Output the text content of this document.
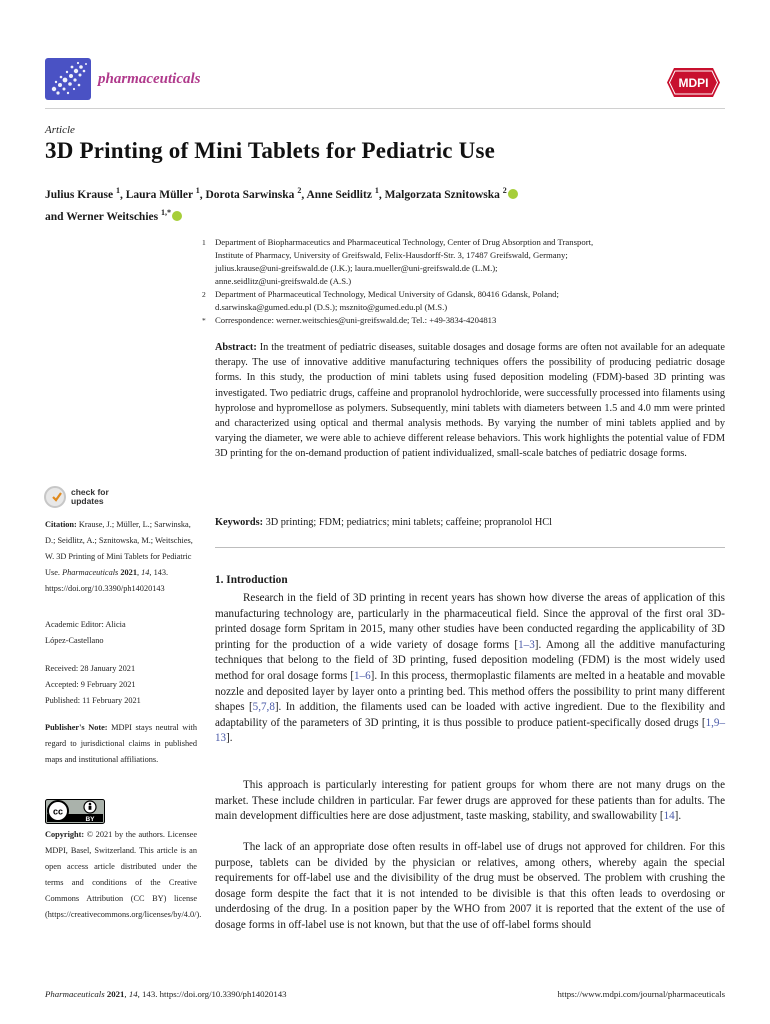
pharmaceuticals	MDPI
Article
3D Printing of Mini Tablets for Pediatric Use
Julius Krause $^1$, Laura Müller $^1$, Dorota Sarwinska $^2$, Anne Seidlitz $^1$, Malgorzata Sznitowska $^2$
and Werner Weitschies $^{1,*}$
1 Department of Biopharmaceutics and Pharmaceutical Technology, Center of Drug Absorption and Transport,
Institute of Pharmacy, University of Greifswald, Felix-Hausdorff-Str. 3, 17487 Greifswald, Germany;
julius.krause@uni-greifswald.de (J.K.); laura.mueller@uni-greifswald.de (L.M.);
anne.seidlitz@uni-greifswald.de (A.S.)
2 Department of Pharmaceutical Technology, Medical University of Gdansk, 80416 Gdansk, Poland;
d.sarwinska@gumed.edu.pl (D.S.); msznito@gumed.edu.pl (M.S.)
* Correspondence: werner.weitschies@uni-greifswald.de; Tel.: +49-3834-4204813
Abstract: In the treatment of pediatric diseases, suitable dosages and dosage forms are often not available for an adequate therapy. The use of innovative additive manufacturing techniques offers the possibility of producing pediatric dosage forms. In this study, the production of mini tablets using fused deposition modeling (FDM)-based 3D printing was investigated. Two pediatric drugs, caffeine and propranolol hydrochloride, were successfully processed into filaments using hyprolose and hypromellose as polymers. Subsequently, mini tablets with diameters between 1.5 and 4.0 mm were printed and characterized using optical and thermal analysis methods. By varying the number of mini tablets applied and by varying the diameter, we were able to achieve different release behaviors. This work highlights the potential value of FDM 3D printing for the on-demand production of patient individualized, small-scale batches of pediatric dosage forms.
Keywords: 3D printing; FDM; pediatrics; mini tablets; caffeine; propranolol HCl
check for
updates
Citation: Krause, J.; Müller, L.; Sarwinska, D.; Seidlitz, A.; Sznitowska, M.; Weitschies, W. 3D Printing of Mini Tablets for Pediatric Use. Pharmaceuticals 2021, 14, 143. https://doi.org/10.3390/ph14020143
Academic Editor: Alicia
López-Castellano
Received: 28 January 2021
Accepted: 9 February 2021
Published: 11 February 2021
Publisher's Note: MDPI stays neutral with regard to jurisdictional claims in published maps and institutional affiliations.
cc
BY
Copyright: © 2021 by the authors. Licensee MDPI, Basel, Switzerland. This article is an open access article distributed under the terms and conditions of the Creative Commons Attribution (CC BY) license (https://creativecommons.org/licenses/by/4.0/).
1. Introduction
Research in the field of 3D printing in recent years has shown how diverse the areas of application of this manufacturing technology are, particularly in the pharmaceutical field. Since the approval of the first oral 3D-printed dosage form Spritam in 2015, many other studies have been conducted regarding the applicability of 3D printing for the production of a wide variety of dosage forms [1–3]. Among all the additive manufacturing techniques that belong to the field of 3D printing, fused deposition modeling (FDM) is the most widely used method for oral dosage forms [1–6]. In this process, thermoplastic filaments are melted in a heatable and movable nozzle and deposited layer by layer onto a printing bed. This method offers the possibility to print many different shapes [5,7,8]. In addition, the filaments used can be loaded with active ingredient. Due to the flexibility and adaptability of the parameters of 3D printing, it is thus possible to produce patient-specifically dosed drugs [1,9–13].
This approach is particularly interesting for patient groups for whom there are not many drugs on the market. These include children in particular. Far fewer drugs are approved for these patients than for adults. The main development difficulties here are dose adjustment, taste masking, stability, and swallowability [14].
The lack of an appropriate dose often results in off-label use of drugs not approved for children. For this purpose, tablets can be divided by the physician or relatives, among others, whereby again the special requirements for off-label use and the divisibility of the drug must be observed. The problem with crushing the dosage form despite the fact that it is not intended to be divisible is that this often leads to overdosing or underdosing of the drug. In a position paper by the WHO from 2007 it is reported that the extent of the use of dosage forms in off-label use is not known, but that the use of off-label forms should
Pharmaceuticals 2021, 14, 143. https://doi.org/10.3390/ph14020143	https://www.mdpi.com/journal/pharmaceuticals
